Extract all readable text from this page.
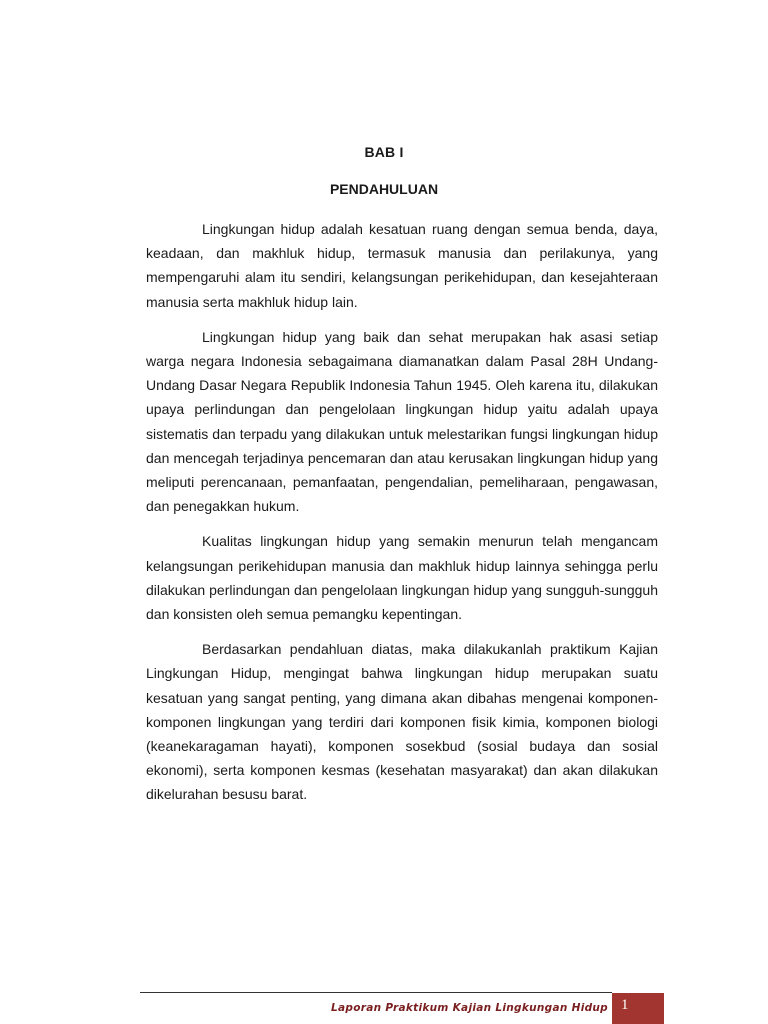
BAB I
PENDAHULUAN

Lingkungan hidup adalah kesatuan ruang dengan semua benda, daya, keadaan, dan makhluk hidup, termasuk manusia dan perilakunya, yang mempengaruhi alam itu sendiri, kelangsungan perikehidupan, dan kesejahteraan manusia serta makhluk hidup lain.

Lingkungan hidup yang baik dan sehat merupakan hak asasi setiap warga negara Indonesia sebagaimana diamanatkan dalam Pasal 28H Undang-Undang Dasar Negara Republik Indonesia Tahun 1945. Oleh karena itu, dilakukan upaya perlindungan dan pengelolaan lingkungan hidup yaitu adalah upaya sistematis dan terpadu yang dilakukan untuk melestarikan fungsi lingkungan hidup dan mencegah terjadinya pencemaran dan atau kerusakan lingkungan hidup yang meliputi perencanaan, pemanfaatan, pengendalian, pemeliharaan, pengawasan, dan penegakkan hukum.

Kualitas lingkungan hidup yang semakin menurun telah mengancam kelangsungan perikehidupan manusia dan makhluk hidup lainnya sehingga perlu dilakukan perlindungan dan pengelolaan lingkungan hidup yang sungguh-sungguh dan konsisten oleh semua pemangku kepentingan.

Berdasarkan pendahluan diatas, maka dilakukanlah praktikum Kajian Lingkungan Hidup, mengingat bahwa lingkungan hidup merupakan suatu kesatuan yang sangat penting, yang dimana akan dibahas mengenai komponen-komponen lingkungan yang terdiri dari komponen fisik kimia, komponen biologi (keanekaragaman hayati), komponen sosekbud (sosial budaya dan sosial ekonomi), serta komponen kesmas (kesehatan masyarakat) dan akan dilakukan dikelurahan besusu barat.

Laporan Praktikum Kajian Lingkungan Hidup 1
